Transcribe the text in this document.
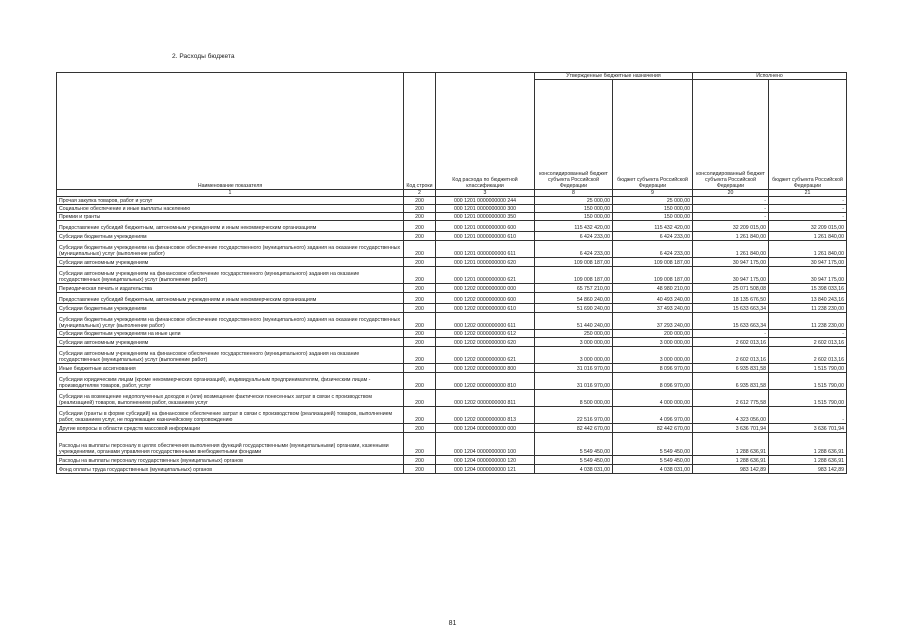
2. Расходы бюджета
Наименование показателя	Код строки	Код расхода по бюджетной классификации	Утвержденные бюджетные назначения		Исполнено	
			консолидированный бюджет субъекта Российской Федерации	бюджет субъекта Российской Федерации	консолидированный бюджет субъекта Российской Федерации	бюджет субъекта Российской Федерации
1	2	3	8	9	20	21
Прочая закупка товаров, работ и услуг	200	000 1201 0000000000 244	25 000,00	25 000,00	-	-
Социальное обеспечение и иные выплаты населению	200	000 1201 0000000000 300	150 000,00	150 000,00	-	-
Премии и гранты	200	000 1201 0000000000 350	150 000,00	150 000,00	-	-
Предоставление субсидий бюджетным, автономным учреждениям и иным некоммерческим организациям	200	000 1201 0000000000 600	115 432 420,00	115 432 420,00	32 209 015,00	32 209 015,00
Субсидии бюджетным учреждениям	200	000 1201 0000000000 610	6 424 233,00	6 424 233,00	1 261 840,00	1 261 840,00
Субсидии бюджетным учреждениям на финансовое обеспечение государственного (муниципального) задания на оказание государственных (муниципальных) услуг (выполнение работ)	200	000 1201 0000000000 611	6 424 233,00	6 424 233,00	1 261 840,00	1 261 840,00
Субсидии автономным учреждениям	200	000 1201 0000000000 620	109 008 187,00	109 008 187,00	30 947 175,00	30 947 175,00
Субсидии автономным учреждениям на финансовое обеспечение государственного (муниципального) задания на оказание государственных (муниципальных) услуг (выполнение работ)	200	000 1201 0000000000 621	109 008 187,00	109 008 187,00	30 947 175,00	30 947 175,00
Периодическая печать и издательства	200	000 1202 0000000000 000	65 757 210,00	48 980 210,00	25 071 508,08	15 398 033,16
Предоставление субсидий бюджетным, автономным учреждениям и иным некоммерческим организациям	200	000 1202 0000000000 600	54 860 240,00	40 493 240,00	18 135 676,50	13 840 243,16
Субсидии бюджетным учреждениям	200	000 1202 0000000000 610	51 690 240,00	37 493 240,00	15 633 663,34	11 238 230,00
Субсидии бюджетным учреждениям на финансовое обеспечение государственного (муниципального) задания на оказание государственных (муниципальных) услуг (выполнение работ)	200	000 1202 0000000000 611	51 440 240,00	37 293 240,00	15 633 663,34	11 238 230,00
Субсидии бюджетным учреждениям на иные цели	200	000 1202 0000000000 612	250 000,00	200 000,00	-	-
Субсидии автономным учреждениям	200	000 1202 0000000000 620	3 000 000,00	3 000 000,00	2 602 013,16	2 602 013,16
Субсидии автономным учреждениям на финансовое обеспечение государственного (муниципального) задания на оказание государственных (муниципальных) услуг (выполнение работ)	200	000 1202 0000000000 621	3 000 000,00	3 000 000,00	2 602 013,16	2 602 013,16
Иные бюджетные ассигнования	200	000 1202 0000000000 800	31 016 970,00	8 096 970,00	6 935 831,58	1 515 790,00
Субсидии юридическим лицам (кроме некоммерческих организаций), индивидуальным предпринимателям, физическим лицам - производителям товаров, работ, услуг	200	000 1202 0000000000 810	31 016 970,00	8 096 970,00	6 935 831,58	1 515 790,00
Субсидии на возмещение недополученных доходов и (или) возмещение фактически понесенных затрат в связи с производством (реализацией) товаров, выполнением работ, оказанием услуг	200	000 1202 0000000000 811	8 500 000,00	4 000 000,00	2 612 775,58	1 515 790,00
Субсидии (гранты в форме субсидий) на финансовое обеспечение затрат в связи с производством (реализацией) товаров, выполнением работ, оказанием услуг, не подлежащие казначейскому сопровождению	200	000 1202 0000000000 813	22 516 970,00	4 096 970,00	4 323 056,00	-
Другие вопросы в области средств массовой информации	200	000 1204 0000000000 000	82 442 670,00	82 442 670,00	3 636 701,94	3 636 701,94
Расходы на выплаты персоналу в целях обеспечения выполнения функций государственными (муниципальными) органами, казенными учреждениями, органами управления государственными внебюджетными фондами	200	000 1204 0000000000 100	5 549 450,00	5 549 450,00	1 288 636,91	1 288 636,91
Расходы на выплаты персоналу государственных (муниципальных) органов	200	000 1204 0000000000 120	5 549 450,00	5 549 450,00	1 288 636,91	1 288 636,91
Фонд оплаты труда государственных (муниципальных) органов	200	000 1204 0000000000 121	4 038 031,00	4 038 031,00	983 142,89	983 142,89
81
